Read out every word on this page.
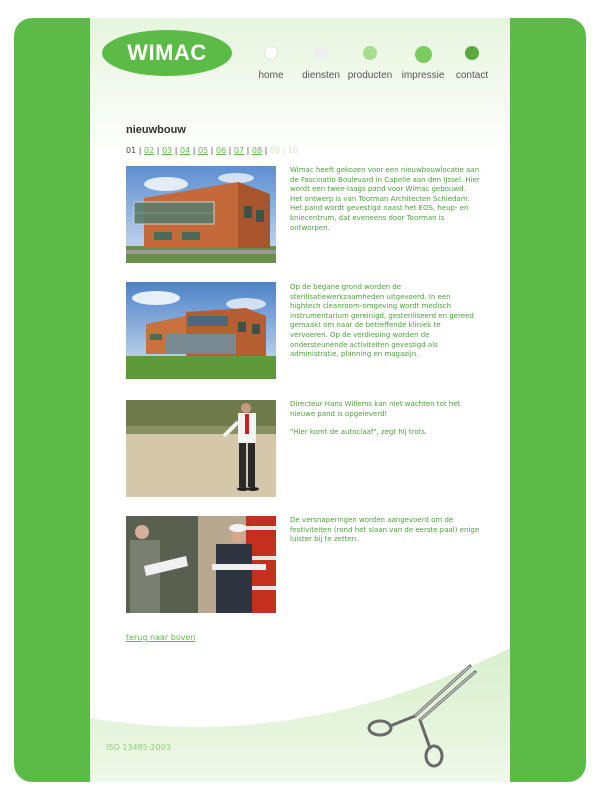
WIMAC
home	diensten producten impressie	contact
nieuwbouw
01 | 02 | 03 | 04 | 05 | 06 | 07 | 08 | 09 | 10

Wimac heeft gekozen voor een nieuwbouwlocatie aan de Fascinatio Boulevard in Capelle aan den IJssel. Hier wordt een twee-laags pand voor Wimac gebouwd. Het ontwerp is van Toorman Architecten Schiedam. Het pand wordt gevestigd naast het EOS, heup- en kniecentrum, dat eveneens door Toorman is ontworpen.

Op de begane grond worden de sterilisatiewerkzaamheden uitgevoerd. In een hightech cleanroom-omgeving wordt medisch instrumentarium gereinigd, gesteriliseerd en gereed gemaakt om naar de betreffende kliniek te vervoeren. Op de verdieping worden de ondersteunende activiteiten gevestigd als administratie, planning en magazijn.

Directeur Hans Willems kan niet wachten tot het nieuwe pand is opgeleverd!

"Hier komt de autoclaaf", zegt hij trots.

De versnaperingen worden aangevoerd om de festiviteiten (rond het slaan van de eerste paal) enige luister bij te zetten.

terug naar boven
ISO 13485:2003
